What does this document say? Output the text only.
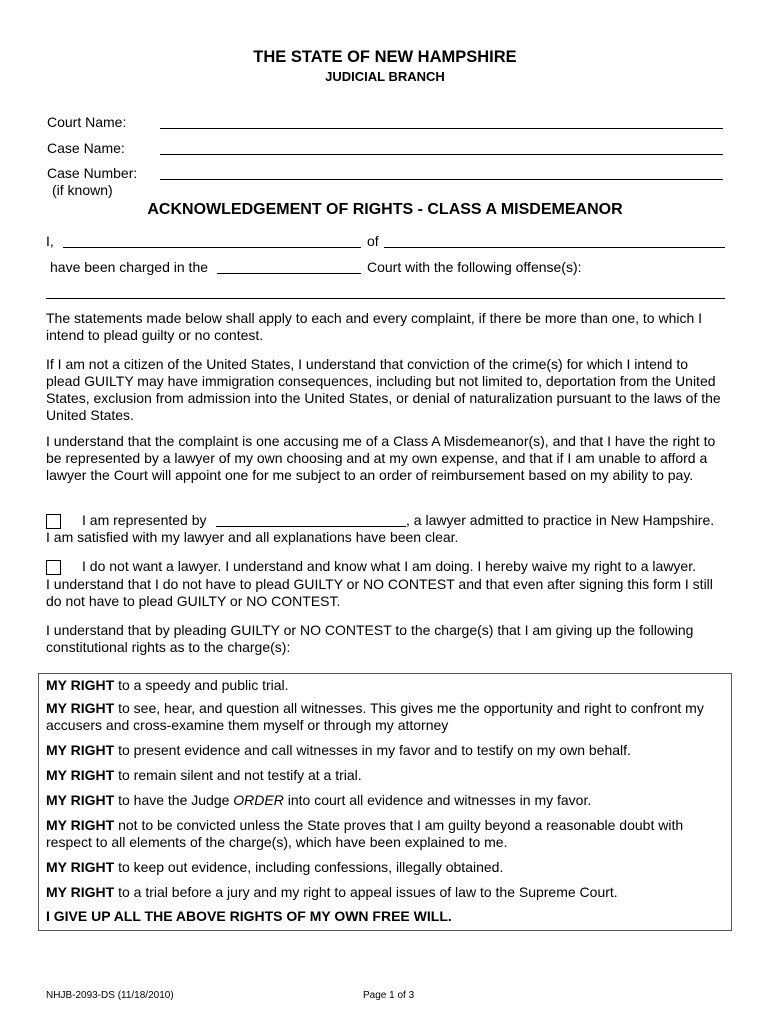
THE STATE OF NEW HAMPSHIRE
JUDICIAL BRANCH
Court Name:
Case Name:
Case Number:
(if known)
ACKNOWLEDGEMENT OF RIGHTS - CLASS A MISDEMEANOR
I,	of
have been charged in the	Court with the following offense(s):
The statements made below shall apply to each and every complaint, if there be more than one, to which I intend to plead guilty or no contest.
If I am not a citizen of the United States, I understand that conviction of the crime(s) for which I intend to plead GUILTY may have immigration consequences, including but not limited to, deportation from the United States, exclusion from admission into the United States, or denial of naturalization pursuant to the laws of the United States.
I understand that the complaint is one accusing me of a Class A Misdemeanor(s), and that I have the right to be represented by a lawyer of my own choosing and at my own expense, and that if I am unable to afford a lawyer the Court will appoint one for me subject to an order of reimbursement based on my ability to pay.
I am represented by	, a lawyer admitted to practice in New Hampshire.
I am satisfied with my lawyer and all explanations have been clear.
I do not want a lawyer. I understand and know what I am doing. I hereby waive my right to a lawyer.
I understand that I do not have to plead GUILTY or NO CONTEST and that even after signing this form I still do not have to plead GUILTY or NO CONTEST.
I understand that by pleading GUILTY or NO CONTEST to the charge(s) that I am giving up the following constitutional rights as to the charge(s):
MY RIGHT to a speedy and public trial.
MY RIGHT to see, hear, and question all witnesses. This gives me the opportunity and right to confront my accusers and cross-examine them myself or through my attorney
MY RIGHT to present evidence and call witnesses in my favor and to testify on my own behalf.
MY RIGHT to remain silent and not testify at a trial.
MY RIGHT to have the Judge ORDER into court all evidence and witnesses in my favor.
MY RIGHT not to be convicted unless the State proves that I am guilty beyond a reasonable doubt with respect to all elements of the charge(s), which have been explained to me.
MY RIGHT to keep out evidence, including confessions, illegally obtained.
MY RIGHT to a trial before a jury and my right to appeal issues of law to the Supreme Court.
I GIVE UP ALL THE ABOVE RIGHTS OF MY OWN FREE WILL.
NHJB-2093-DS (11/18/2010)	Page 1 of 3
